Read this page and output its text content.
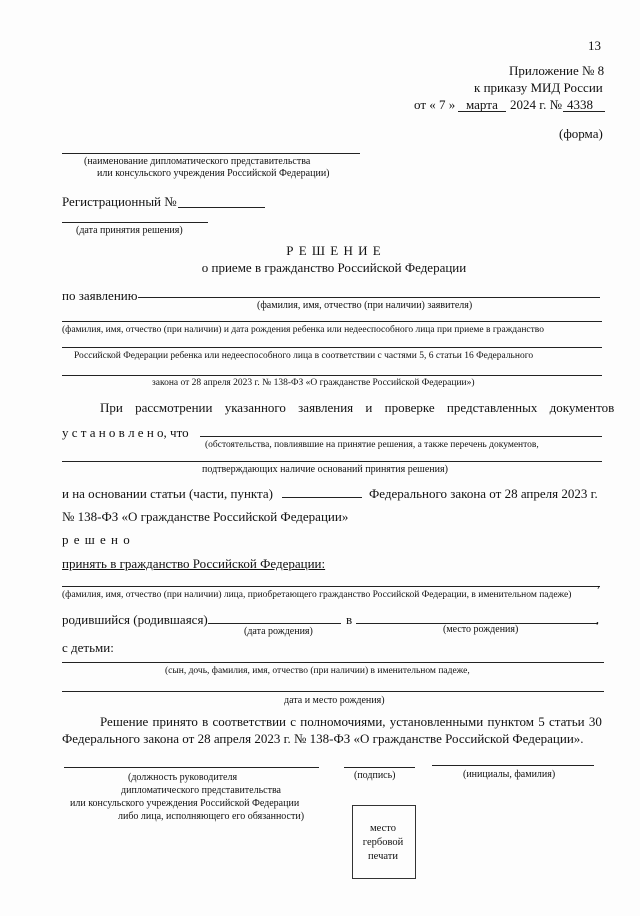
13
Приложение № 8
к приказу МИД России
от « 7 » марта 2024 г. № 4338
(форма)
(наименование дипломатического представительства
или консульского учреждения Российской Федерации)
Регистрационный №
(дата принятия решения)
Р Е Ш Е Н И Е
о приеме в гражданство Российской Федерации
по заявлению
(фамилия, имя, отчество (при наличии) заявителя)
(фамилия, имя, отчество (при наличии) и дата рождения ребенка или недееспособного лица при приеме в гражданство
Российской Федерации ребенка или недееспособного лица в соответствии с частями 5, 6 статьи 16 Федерального
закона от 28 апреля 2023 г. № 138-ФЗ «О гражданстве Российской Федерации»)
При рассмотрении указанного заявления и проверке представленных документов
у с т а н о в л е н о, что
(обстоятельства, повлиявшие на принятие решения, а также перечень документов,
подтверждающих наличие оснований принятия решения)
и на основании статьи (части, пункта)	Федерального закона от 28 апреля 2023 г.
№ 138-ФЗ «О гражданстве Российской Федерации»
р е ш е н о
принять в гражданство Российской Федерации:
,
(фамилия, имя, отчество (при наличии) лица, приобретающего гражданство Российской Федерации, в именительном падеже)
родившийся (родившаяся)	в	,
(дата рождения)	(место рождения)
с детьми:
(сын, дочь, фамилия, имя, отчество (при наличии) в именительном падеже,
дата и место рождения)
Решение принято в соответствии с полномочиями, установленными пунктом 5 статьи 30
Федерального закона от 28 апреля 2023 г. № 138-ФЗ «О гражданстве Российской Федерации».
(должность руководителя
дипломатического представительства
или консульского учреждения Российской Федерации
либо лица, исполняющего его обязанности)
(подпись)	(инициалы, фамилия)
место
гербовой
печати
